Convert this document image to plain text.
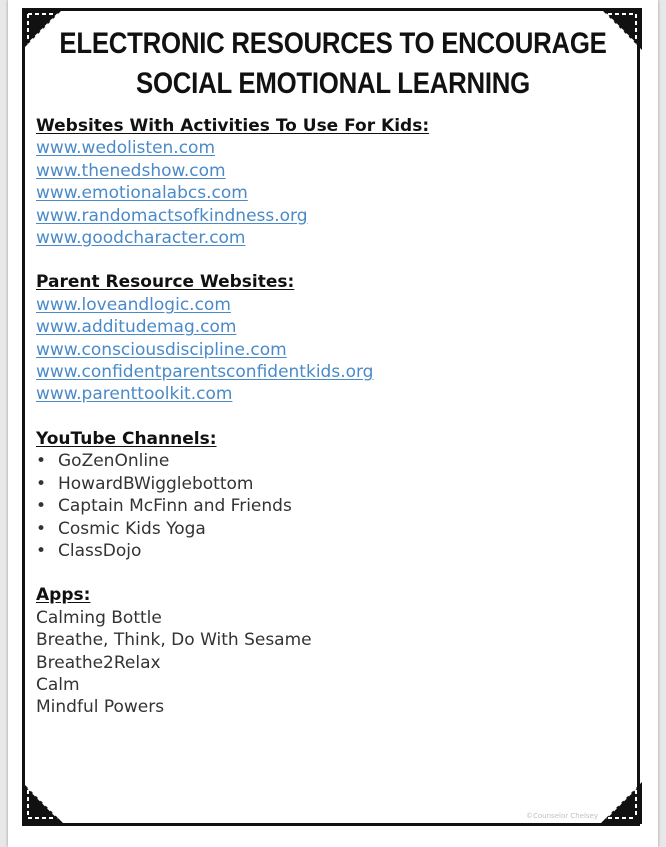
ELECTRONIC RESOURCES TO ENCOURAGE
SOCIAL EMOTIONAL LEARNING
Websites With Activities To Use For Kids:
www.wedolisten.com
www.thenedshow.com
www.emotionalabcs.com
www.randomactsofkindness.org
www.goodcharacter.com
Parent Resource Websites:
www.loveandlogic.com
www.additudemag.com
www.consciousdiscipline.com
www.confidentparentsconfidentkids.org
www.parenttoolkit.com
YouTube Channels:
• GoZenOnline
• HowardBWigglebottom
• Captain McFinn and Friends
• Cosmic Kids Yoga
• ClassDojo
Apps:
Calming Bottle
Breathe, Think, Do With Sesame
Breathe2Relax
Calm
Mindful Powers
©Counselor Chelsey
